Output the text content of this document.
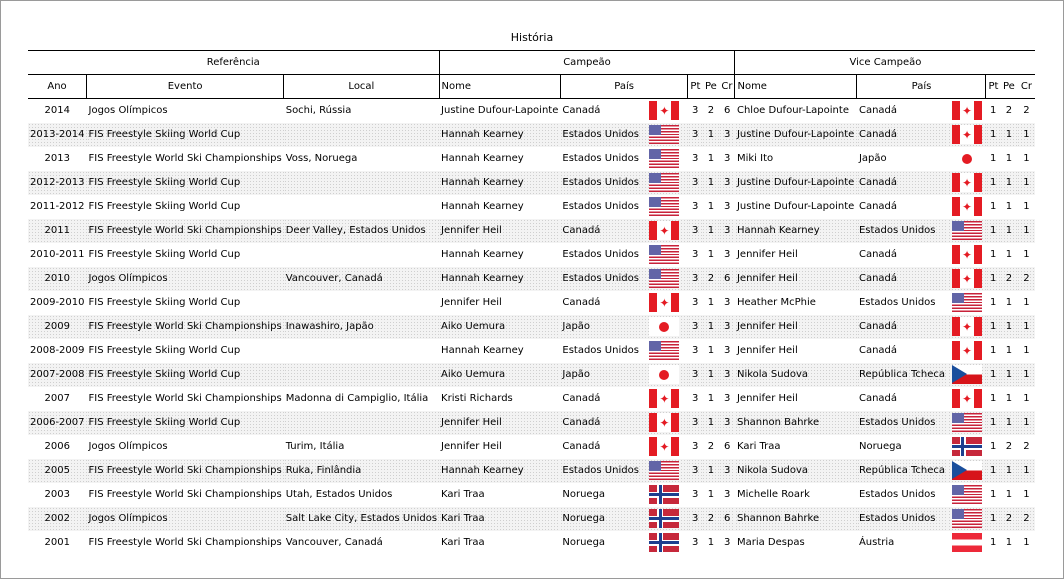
História
Referência			Campeão						Vice Campeão					
Ano	Evento	Local	Nome	País		Pt	Pe	Cr	Nome	País		Pt	Pe	Cr
2014	Jogos Olímpicos	Sochi, Rússia	Justine Dufour-Lapointe	Canadá	✦	3	2	6	Chloe Dufour-Lapointe	Canadá	✦	1	2	2
2013-2014	FIS Freestyle Skiing World Cup		Hannah Kearney	Estados Unidos		3	1	3	Justine Dufour-Lapointe	Canadá	✦	1	1	1
2013	FIS Freestyle World Ski Championships	Voss, Noruega	Hannah Kearney	Estados Unidos		3	1	3	Miki Ito	Japão		1	1	1
2012-2013	FIS Freestyle Skiing World Cup		Hannah Kearney	Estados Unidos		3	1	3	Justine Dufour-Lapointe	Canadá	✦	1	1	1
2011-2012	FIS Freestyle Skiing World Cup		Hannah Kearney	Estados Unidos		3	1	3	Justine Dufour-Lapointe	Canadá	✦	1	1	1
2011	FIS Freestyle World Ski Championships	Deer Valley, Estados Unidos	Jennifer Heil	Canadá	✦	3	1	3	Hannah Kearney	Estados Unidos		1	1	1
2010-2011	FIS Freestyle Skiing World Cup		Hannah Kearney	Estados Unidos		3	1	3	Jennifer Heil	Canadá	✦	1	1	1
2010	Jogos Olímpicos	Vancouver, Canadá	Hannah Kearney	Estados Unidos		3	2	6	Jennifer Heil	Canadá	✦	1	2	2
2009-2010	FIS Freestyle Skiing World Cup		Jennifer Heil	Canadá	✦	3	1	3	Heather McPhie	Estados Unidos		1	1	1
2009	FIS Freestyle World Ski Championships	Inawashiro, Japão	Aiko Uemura	Japão		3	1	3	Jennifer Heil	Canadá	✦	1	1	1
2008-2009	FIS Freestyle Skiing World Cup		Hannah Kearney	Estados Unidos		3	1	3	Jennifer Heil	Canadá	✦	1	1	1
2007-2008	FIS Freestyle Skiing World Cup		Aiko Uemura	Japão		3	1	3	Nikola Sudova	República Tcheca		1	1	1
2007	FIS Freestyle World Ski Championships	Madonna di Campiglio, Itália	Kristi Richards	Canadá	✦	3	1	3	Jennifer Heil	Canadá	✦	1	1	1
2006-2007	FIS Freestyle Skiing World Cup		Jennifer Heil	Canadá	✦	3	1	3	Shannon Bahrke	Estados Unidos		1	1	1
2006	Jogos Olímpicos	Turim, Itália	Jennifer Heil	Canadá	✦	3	2	6	Kari Traa	Noruega		1	2	2
2005	FIS Freestyle World Ski Championships	Ruka, Finlândia	Hannah Kearney	Estados Unidos		3	1	3	Nikola Sudova	República Tcheca		1	1	1
2003	FIS Freestyle World Ski Championships	Utah, Estados Unidos	Kari Traa	Noruega		3	1	3	Michelle Roark	Estados Unidos		1	1	1
2002	Jogos Olímpicos	Salt Lake City, Estados Unidos	Kari Traa	Noruega		3	2	6	Shannon Bahrke	Estados Unidos		1	2	2
2001	FIS Freestyle World Ski Championships	Vancouver, Canadá	Kari Traa	Noruega		3	1	3	Maria Despas	Áustria		1	1	1
